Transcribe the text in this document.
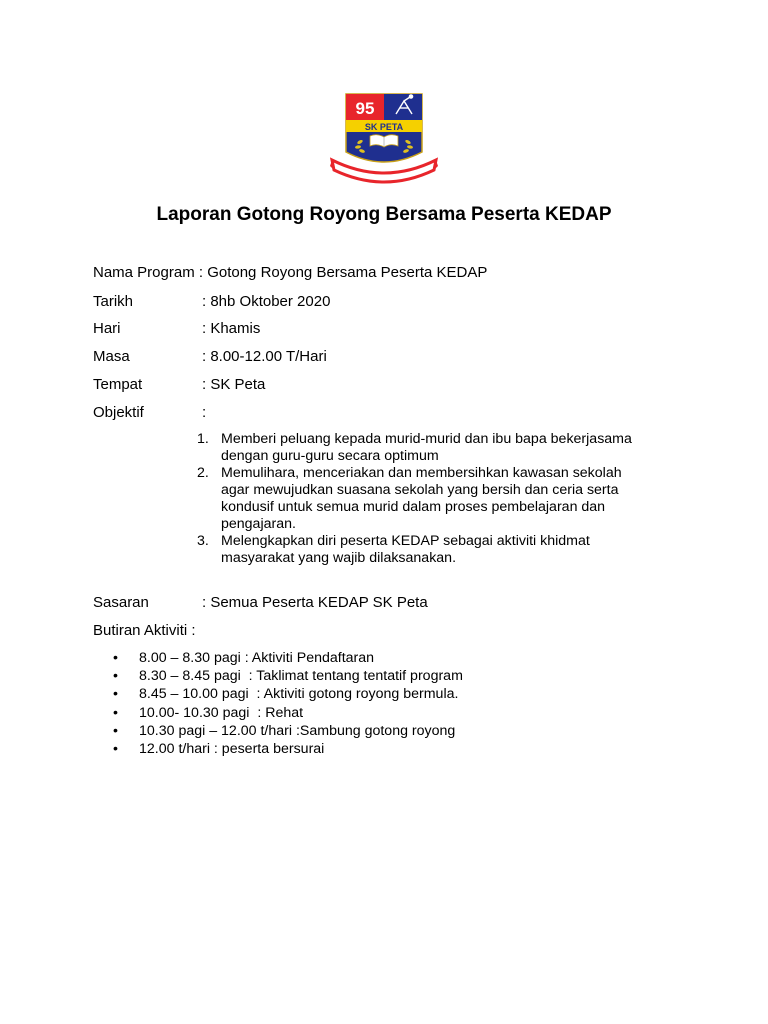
95
SK PETA
Laporan Gotong Royong Bersama Peserta KEDAP
Nama Program : Gotong Royong Bersama Peserta KEDAP
Tarikh	: 8hb Oktober 2020
Hari	: Khamis
Masa	: 8.00-12.00 T/Hari
Tempat	: SK Peta
Objektif	:
1. Memberi peluang kepada murid-murid dan ibu bapa bekerjasama
dengan guru-guru secara optimum
2. Memulihara, menceriakan dan membersihkan kawasan sekolah
agar mewujudkan suasana sekolah yang bersih dan ceria serta
kondusif untuk semua murid dalam proses pembelajaran dan
pengajaran.
3. Melengkapkan diri peserta KEDAP sebagai aktiviti khidmat
masyarakat yang wajib dilaksanakan.
Sasaran	: Semua Peserta KEDAP SK Peta
Butiran Aktiviti :
• 8.00 – 8.30 pagi : Aktiviti Pendaftaran
• 8.30 – 8.45 pagi  : Taklimat tentang tentatif program
• 8.45 – 10.00 pagi  : Aktiviti gotong royong bermula.
• 10.00- 10.30 pagi  : Rehat
• 10.30 pagi – 12.00 t/hari :Sambung gotong royong
• 12.00 t/hari : peserta bersurai
